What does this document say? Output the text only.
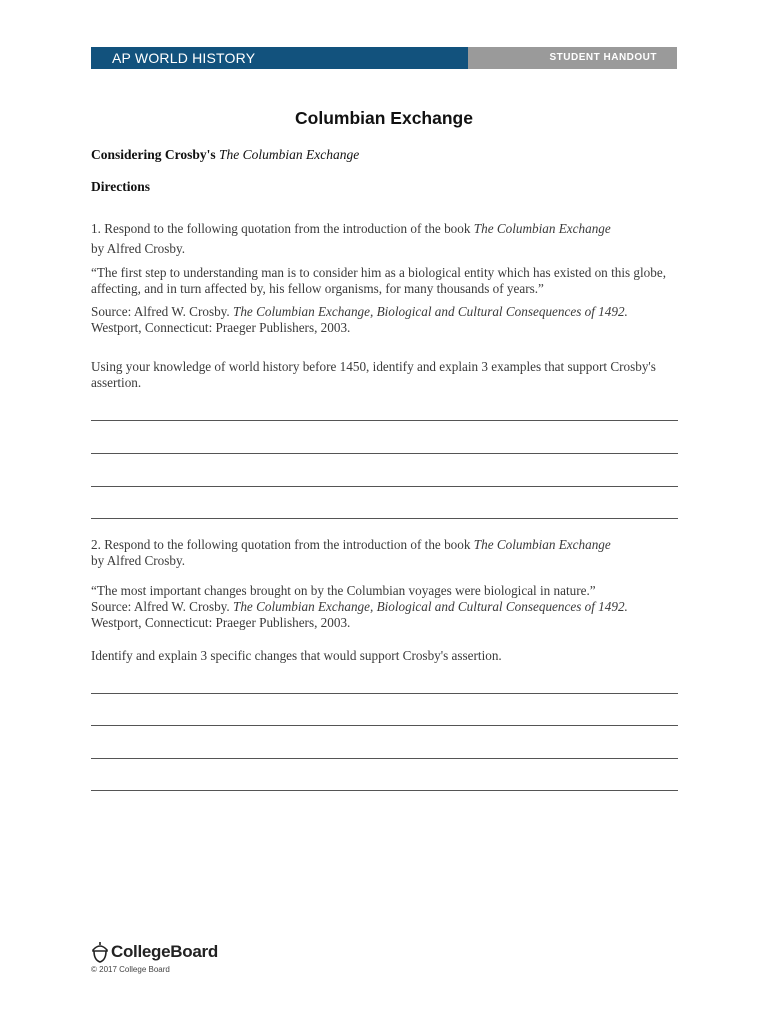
AP WORLD HISTORY	STUDENT HANDOUT
Columbian Exchange
Considering Crosby's The Columbian Exchange
Directions
1. Respond to the following quotation from the introduction of the book The Columbian Exchange
by Alfred Crosby.
“The first step to understanding man is to consider him as a biological entity which has existed on this globe, affecting, and in turn affected by, his fellow organisms, for many thousands of years.”
Source: Alfred W. Crosby. The Columbian Exchange, Biological and Cultural Consequences of 1492.
Westport, Connecticut: Praeger Publishers, 2003.
Using your knowledge of world history before 1450, identify and explain 3 examples that support Crosby's assertion.
2. Respond to the following quotation from the introduction of the book The Columbian Exchange
by Alfred Crosby.
“The most important changes brought on by the Columbian voyages were biological in nature.”
Source: Alfred W. Crosby. The Columbian Exchange, Biological and Cultural Consequences of 1492.
Westport, Connecticut: Praeger Publishers, 2003.
Identify and explain 3 specific changes that would support Crosby's assertion.
CollegeBoard
© 2017 College Board
